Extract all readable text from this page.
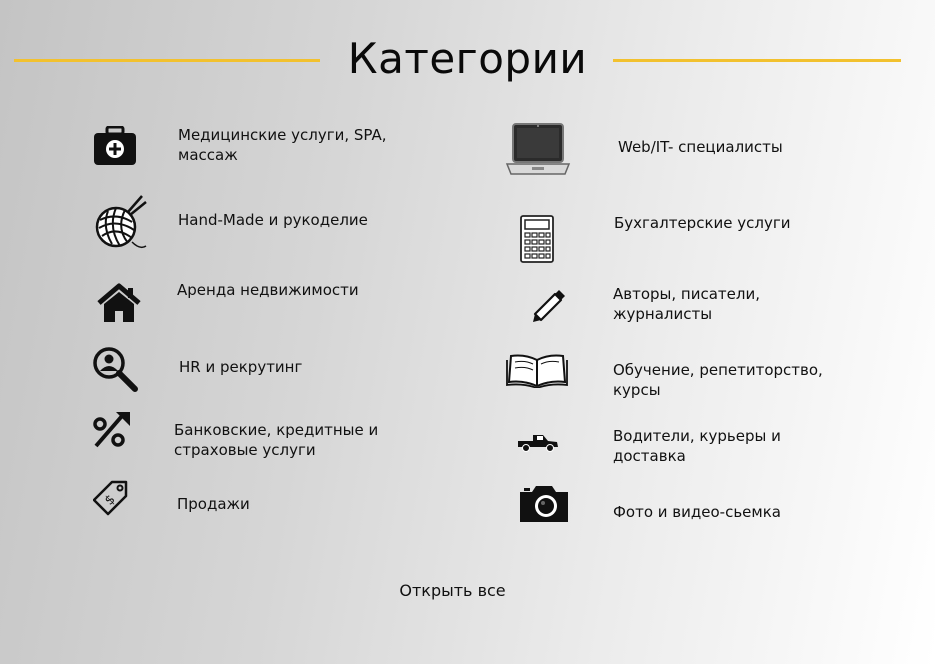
Категории
Медицинские услуги, SPA,
массаж
Hand-Made и рукоделие
Аренда недвижимости
HR и рекрутинг
Банковские, кредитные и
страховые услуги
$	Продажи
Web/IT- специалисты
Бухгалтерские услуги
Авторы, писатели,
журналисты
Обучение, репетиторство,
курсы
Водители, курьеры и
доставка
Фото и видео-сьемка
Открыть все
